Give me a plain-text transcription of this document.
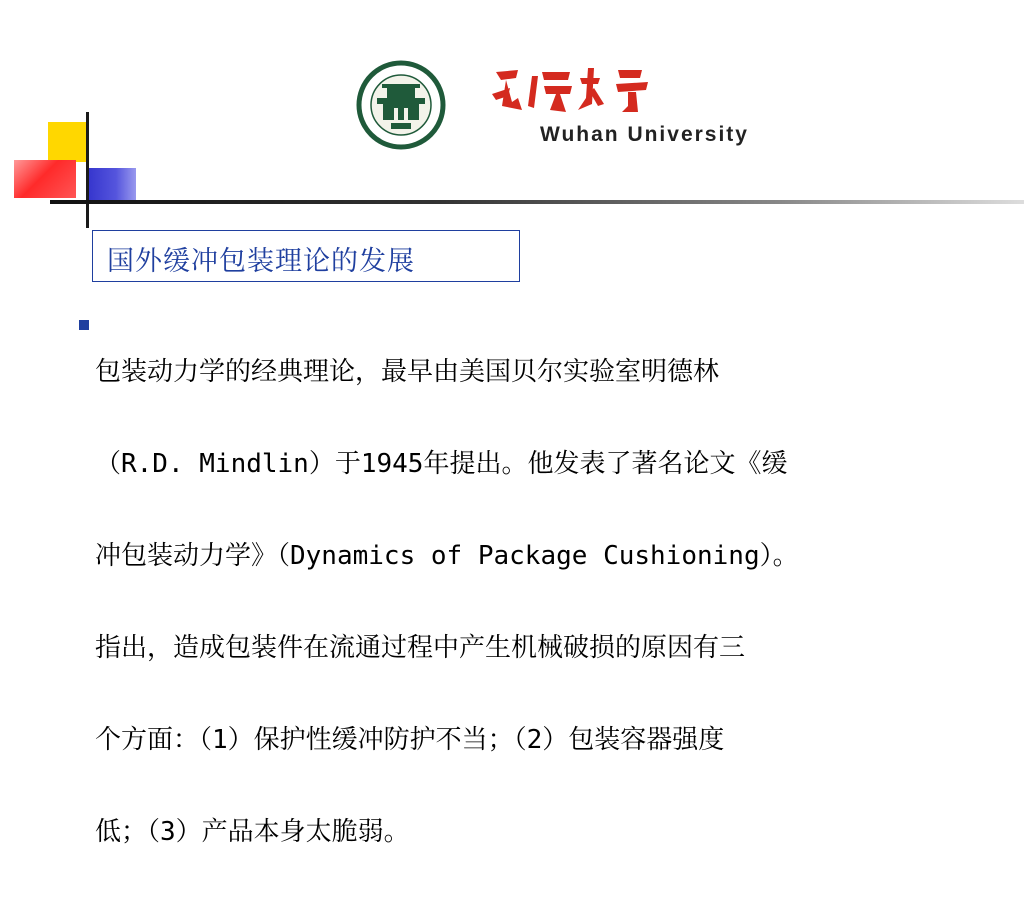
Wuhan University
国外缓冲包装理论的发展

包装动力学的经典理论，最早由美国贝尔实验室明德林

（R.D. Mindlin）于1945年提出。他发表了著名论文《缓

冲包装动力学》（Dynamics of Package Cushioning）。

指出，造成包装件在流通过程中产生机械破损的原因有三

个方面：（1）保护性缓冲防护不当；（2）包装容器强度

低；（3）产品本身太脆弱。
